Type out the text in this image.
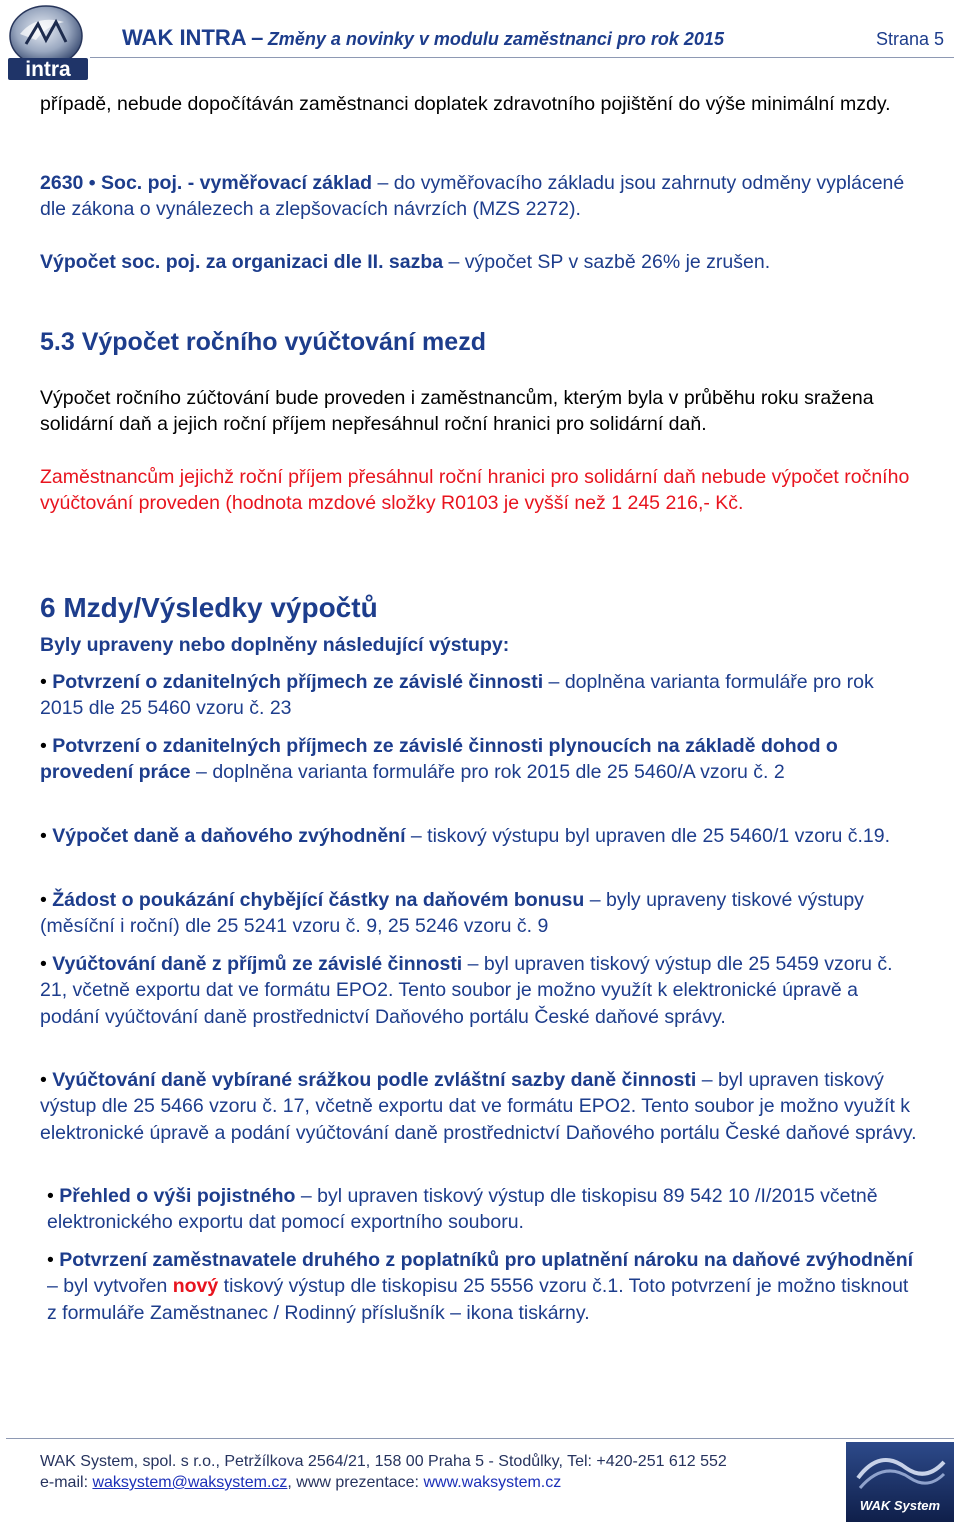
intra
WAK INTRA – Změny a novinky v modulu zaměstnanci pro rok 2015	Strana 5
případě, nebude dopočítáván zaměstnanci doplatek zdravotního pojištění do výše minimální mzdy.
2630 • Soc. poj. - vyměřovací základ – do vyměřovacího základu jsou zahrnuty odměny vyplácené dle zákona o vynálezech a zlepšovacích návrzích (MZS 2272).
Výpočet soc. poj. za organizaci dle II. sazba – výpočet SP v sazbě 26% je zrušen.
5.3 Výpočet ročního vyúčtování mezd
Výpočet ročního zúčtování bude proveden i zaměstnancům, kterým byla v průběhu roku sražena solidární daň a jejich roční příjem nepřesáhnul roční hranici pro solidární daň.
Zaměstnancům jejichž roční příjem přesáhnul roční hranici pro solidární daň nebude výpočet ročního vyúčtování proveden (hodnota mzdové složky R0103 je vyšší než 1 245 216,- Kč.
6 Mzdy/Výsledky výpočtů
Byly upraveny nebo doplněny následující výstupy:
• Potvrzení o zdanitelných příjmech ze závislé činnosti – doplněna varianta formuláře pro rok 2015 dle 25 5460 vzoru č. 23
• Potvrzení o zdanitelných příjmech ze závislé činnosti plynoucích na základě dohod o provedení práce – doplněna varianta formuláře pro rok 2015 dle 25 5460/A vzoru č. 2
• Výpočet daně a daňového zvýhodnění – tiskový výstupu byl upraven dle 25 5460/1 vzoru č.19.
• Žádost o poukázání chybějící částky na daňovém bonusu – byly upraveny tiskové výstupy (měsíční i roční) dle 25 5241 vzoru č. 9, 25 5246 vzoru č. 9
• Vyúčtování daně z příjmů ze závislé činnosti – byl upraven tiskový výstup dle 25 5459 vzoru č. 21, včetně exportu dat ve formátu EPO2. Tento soubor je možno využít k elektronické úpravě a podání vyúčtování daně prostřednictví Daňového portálu České daňové správy.
• Vyúčtování daně vybírané srážkou podle zvláštní sazby daně činnosti – byl upraven tiskový výstup dle 25 5466 vzoru č. 17, včetně exportu dat ve formátu EPO2. Tento soubor je možno využít k elektronické úpravě a podání vyúčtování daně prostřednictví Daňového portálu České daňové správy.
• Přehled o výši pojistného – byl upraven tiskový výstup dle tiskopisu 89 542 10 /I/2015 včetně elektronického exportu dat pomocí exportního souboru.
• Potvrzení zaměstnavatele druhého z poplatníků pro uplatnění nároku na daňové zvýhodnění – byl vytvořen nový tiskový výstup dle tiskopisu 25 5556 vzoru č.1. Toto potvrzení je možno tisknout z formuláře Zaměstnanec / Rodinný příslušník – ikona tiskárny.
WAK System, spol. s r.o., Petržílkova 2564/21, 158 00 Praha 5 - Stodůlky, Tel: +420-251 612 552
e-mail: waksystem@waksystem.cz, www prezentace: www.waksystem.cz
WAK System
